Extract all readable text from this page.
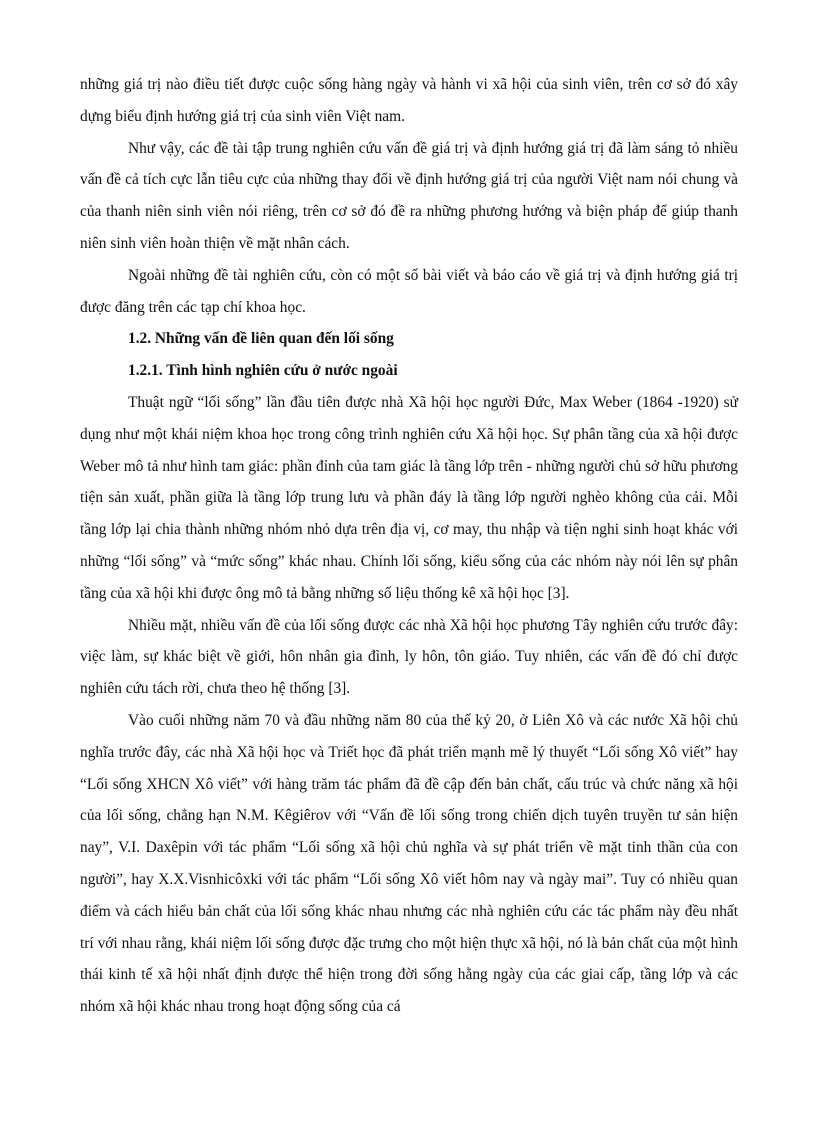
những giá trị nào điều tiết được cuộc sống hàng ngày và hành vi xã hội của sinh viên, trên cơ sở đó xây dựng biểu định hướng giá trị của sinh viên Việt nam.

Như vậy, các đề tài tập trung nghiên cứu vấn đề giá trị và định hướng giá trị đã làm sáng tỏ nhiều vấn đề cả tích cực lẫn tiêu cực của những thay đổi về định hướng giá trị của người Việt nam nói chung và của thanh niên sinh viên nói riêng, trên cơ sở đó đề ra những phương hướng và biện pháp để giúp thanh niên sinh viên hoàn thiện về mặt nhân cách.

Ngoài những đề tài nghiên cứu, còn có một số bài viết và báo cáo về giá trị và định hướng giá trị được đăng trên các tạp chí khoa học.

1.2. Những vấn đề liên quan đến lối sống
1.2.1. Tình hình nghiên cứu ở nước ngoài

Thuật ngữ “lối sống” lần đầu tiên được nhà Xã hội học người Đức, Max Weber (1864 -1920) sử dụng như một khái niệm khoa học trong công trình nghiên cứu Xã hội học. Sự phân tầng của xã hội được Weber mô tả như hình tam giác: phần đỉnh của tam giác là tầng lớp trên - những người chủ sở hữu phương tiện sản xuất, phần giữa là tầng lớp trung lưu và phần đáy là tầng lớp người nghèo không của cải. Mỗi tầng lớp lại chia thành những nhóm nhỏ dựa trên địa vị, cơ may, thu nhập và tiện nghi sinh hoạt khác với những “lối sống” và “mức sống” khác nhau. Chính lối sống, kiểu sống của các nhóm này nói lên sự phân tầng của xã hội khi được ông mô tả bằng những số liệu thống kê xã hội học [3].

Nhiều mặt, nhiều vấn đề của lối sống được các nhà Xã hội học phương Tây nghiên cứu trước đây: việc làm, sự khác biệt về giới, hôn nhân gia đình, ly hôn, tôn giáo. Tuy nhiên, các vấn đề đó chỉ được nghiên cứu tách rời, chưa theo hệ thống [3].

Vào cuối những năm 70 và đầu những năm 80 của thế kỷ 20, ở Liên Xô và các nước Xã hội chủ nghĩa trước đây, các nhà Xã hội học và Triết học đã phát triển mạnh mẽ lý thuyết “Lối sống Xô viết” hay “Lối sống XHCN Xô viết” với hàng trăm tác phẩm đã đề cập đến bản chất, cấu trúc và chức năng xã hội của lối sống, chẳng hạn N.M. Kêgiêrov với “Vấn đề lối sống trong chiến dịch tuyên truyền tư sản hiện nay”, V.I. Daxêpin với tác phẩm “Lối sống xã hội chủ nghĩa và sự phát triển về mặt tinh thần của con người”, hay X.X.Visnhicôxki với tác phẩm “Lối sống Xô viết hôm nay và ngày mai”. Tuy có nhiều quan điểm và cách hiểu bản chất của lối sống khác nhau nhưng các nhà nghiên cứu các tác phẩm này đều nhất trí với nhau rằng, khái niệm lối sống được đặc trưng cho một hiện thực xã hội, nó là bản chất của một hình thái kinh tế xã hội nhất định được thể hiện trong đời sống hằng ngày của các giai cấp, tầng lớp và các nhóm xã hội khác nhau trong hoạt động sống của cá
